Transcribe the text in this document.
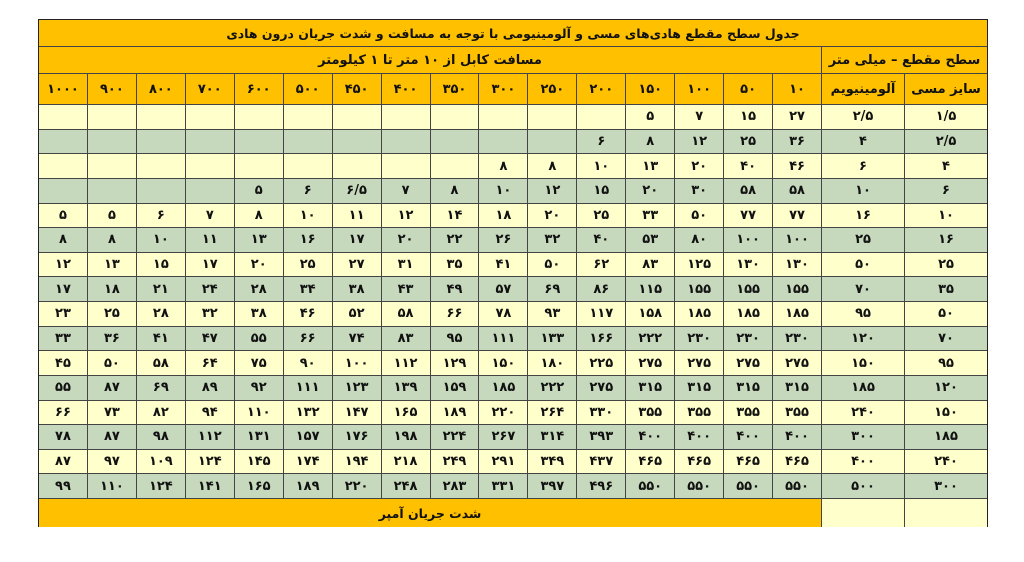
جدول سطح مقطع هادی‌های مسی و آلومینیومی با توجه به مسافت و شدت جریان درون هادی
سطح مقطع – میلی متر
مسافت کابل از ۱۰ متر تا ۱ کیلومتر
سایز مسی
آلومینیویم
۱۰
۵۰
۱۰۰
۱۵۰
۲۰۰
۲۵۰
۳۰۰
۳۵۰
۴۰۰
۴۵۰
۵۰۰
۶۰۰
۷۰۰
۸۰۰
۹۰۰
۱۰۰۰
۱/۵
۲/۵
۲۷
۱۵
۷
۵
۲/۵
۴
۳۶
۲۵
۱۲
۸
۶
۴
۶
۴۶
۴۰
۲۰
۱۳
۱۰
۸
۸
۶
۱۰
۵۸
۵۸
۳۰
۲۰
۱۵
۱۲
۱۰
۸
۷
۶/۵
۶
۵
۱۰
۱۶
۷۷
۷۷
۵۰
۳۳
۲۵
۲۰
۱۸
۱۴
۱۲
۱۱
۱۰
۸
۷
۶
۵
۵
۱۶
۲۵
۱۰۰
۱۰۰
۸۰
۵۳
۴۰
۳۲
۲۶
۲۲
۲۰
۱۷
۱۶
۱۳
۱۱
۱۰
۸
۸
۲۵
۵۰
۱۳۰
۱۳۰
۱۲۵
۸۳
۶۲
۵۰
۴۱
۳۵
۳۱
۲۷
۲۵
۲۰
۱۷
۱۵
۱۳
۱۲
۳۵
۷۰
۱۵۵
۱۵۵
۱۵۵
۱۱۵
۸۶
۶۹
۵۷
۴۹
۴۳
۳۸
۳۴
۲۸
۲۴
۲۱
۱۸
۱۷
۵۰
۹۵
۱۸۵
۱۸۵
۱۸۵
۱۵۸
۱۱۷
۹۳
۷۸
۶۶
۵۸
۵۲
۴۶
۳۸
۳۲
۲۸
۲۵
۲۳
۷۰
۱۲۰
۲۳۰
۲۳۰
۲۳۰
۲۲۲
۱۶۶
۱۳۳
۱۱۱
۹۵
۸۳
۷۴
۶۶
۵۵
۴۷
۴۱
۳۶
۳۳
۹۵
۱۵۰
۲۷۵
۲۷۵
۲۷۵
۲۷۵
۲۲۵
۱۸۰
۱۵۰
۱۲۹
۱۱۲
۱۰۰
۹۰
۷۵
۶۴
۵۸
۵۰
۴۵
۱۲۰
۱۸۵
۳۱۵
۳۱۵
۳۱۵
۳۱۵
۲۷۵
۲۲۲
۱۸۵
۱۵۹
۱۳۹
۱۲۳
۱۱۱
۹۲
۸۹
۶۹
۸۷
۵۵
۱۵۰
۲۴۰
۳۵۵
۳۵۵
۳۵۵
۳۵۵
۳۳۰
۲۶۴
۲۲۰
۱۸۹
۱۶۵
۱۴۷
۱۳۲
۱۱۰
۹۴
۸۲
۷۳
۶۶
۱۸۵
۳۰۰
۴۰۰
۴۰۰
۴۰۰
۴۰۰
۳۹۳
۳۱۴
۲۶۷
۲۲۴
۱۹۸
۱۷۶
۱۵۷
۱۳۱
۱۱۲
۹۸
۸۷
۷۸
۲۴۰
۴۰۰
۴۶۵
۴۶۵
۴۶۵
۴۶۵
۴۳۷
۳۴۹
۲۹۱
۲۴۹
۲۱۸
۱۹۴
۱۷۴
۱۴۵
۱۲۴
۱۰۹
۹۷
۸۷
۳۰۰
۵۰۰
۵۵۰
۵۵۰
۵۵۰
۵۵۰
۴۹۶
۳۹۷
۳۳۱
۲۸۳
۲۴۸
۲۲۰
۱۸۹
۱۶۵
۱۴۱
۱۲۴
۱۱۰
۹۹
شدت جریان آمپر
